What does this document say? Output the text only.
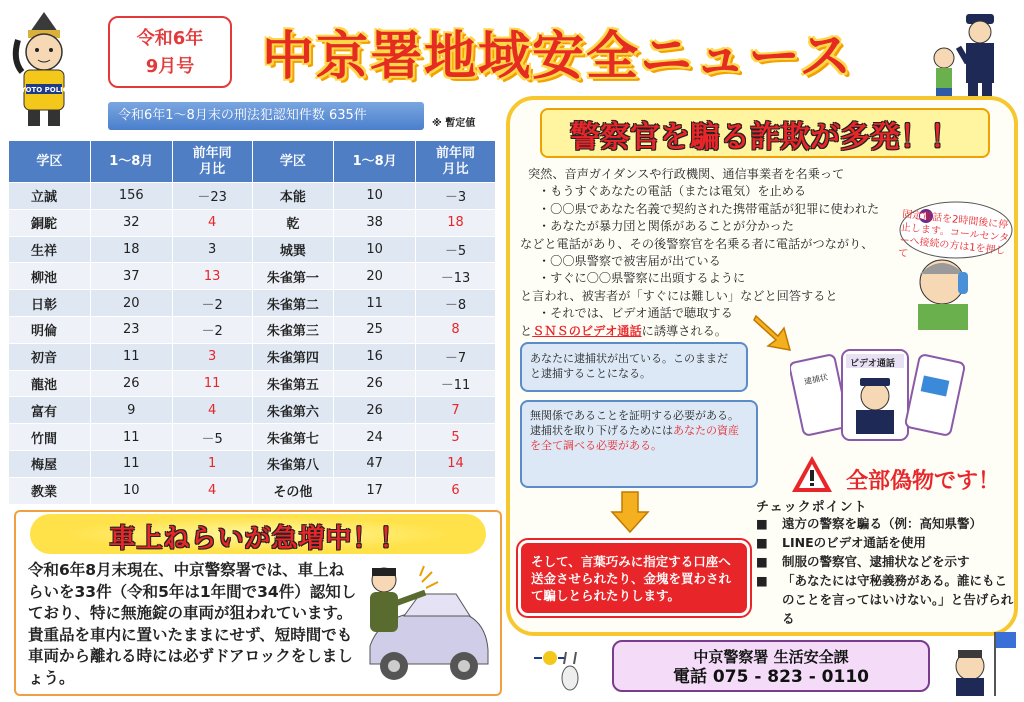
KYOTO POLICE
令和6年
9月号	中京署地域安全ニュース
令和6年1～8月末の刑法犯認知件数 635件
※ 暫定値
学区	1～8月	前年同月比	学区	1～8月	前年同月比
立誠	156	－23	本能	10	－3
銅駝	32	4	乾	38	18
生祥	18	3	城巽	10	－5
柳池	37	13	朱雀第一	20	－13
日彰	20	－2	朱雀第二	11	－8
明倫	23	－2	朱雀第三	25	8
初音	11	3	朱雀第四	16	－7
龍池	26	11	朱雀第五	26	－11
富有	9	4	朱雀第六	26	7
竹間	11	－5	朱雀第七	24	5
梅屋	11	1	朱雀第八	47	14
教業	10	4	その他	17	6
車上ねらいが急増中！！
令和6年8月末現在、中京警察署では、車上ねらいを33件（令和5年は1年間で34件）認知しており、特に無施錠の車両が狙われています。貴重品を車内に置いたままにせず、短時間でも車両から離れる時には必ずドアロックをしましょう。
警察官を騙る詐欺が多発！！
突然、音声ガイダンスや行政機関、通信事業者を名乗って
・もうすぐあなたの電話（または電気）を止める
・〇〇県であなた名義で契約された携帯電話が犯罪に使われた
・あなたが暴力団と関係があることが分かった
などと電話があり、その後警察官を名乗る者に電話がつながり、
・〇〇県警察で被害届が出ている
・すぐに〇〇県警察に出頭するように
と言われ、被害者が「すぐには難しい」などと回答すると
・それでは、ビデオ通話で聴取する
とＳＮＳのビデオ通話に誘導される。
固定電話を2時間後に停止します。コールセンターへ接続の方は1を押して
あなたに逮捕状が出ている。このままだと逮捕することになる。
無関係であることを証明する必要がある。逮捕状を取り下げるためにはあなたの資産を全て調べる必要がある。
逮捕状
ビデオ通話
全部偽物です！
チェックポイント
■	遠方の警察を騙る（例：高知県警）
■	LINEのビデオ通話を使用
■	制服の警察官、逮捕状などを示す
■	「あなたには守秘義務がある。誰にもこのことを言ってはいけない。」と告げられる
そして、言葉巧みに指定する口座へ送金させられたり、金塊を買わされて騙しとられたりします。
中京警察署 生活安全課
電話 075 - 823 - 0110
